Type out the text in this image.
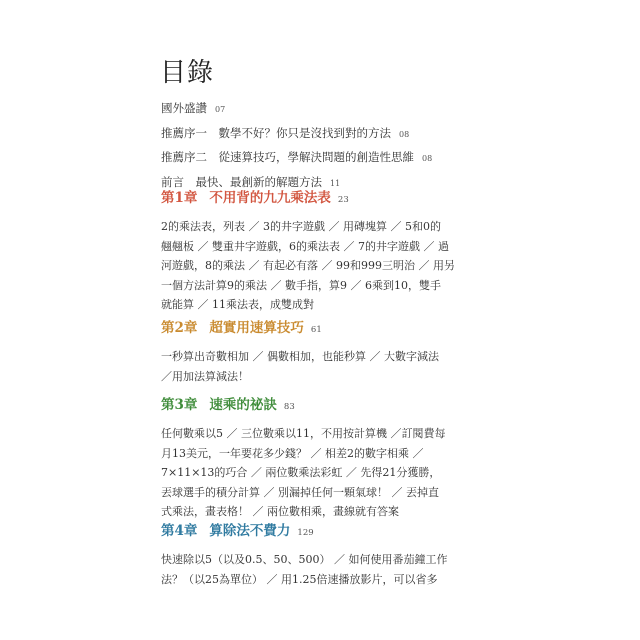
目錄
國外盛讚 07
推薦序一　數學不好？你只是沒找到對的方法 08
推薦序二　從速算技巧，學解決問題的創造性思維 08
前言　最快、最創新的解題方法 11
第1章 不用背的九九乘法表 23
2的乘法表，列表 ／ 3的井字遊戲 ／ 用磚塊算 ／ 5和0的
翹翹板 ／ 雙重井字遊戲，6的乘法表 ／ 7的井字遊戲 ／ 過
河遊戲，8的乘法 ／ 有起必有落 ／ 99和999三明治 ／ 用另
一個方法計算9的乘法 ／ 數手指，算9 ／ 6乘到10，雙手
就能算 ／ 11乘法表，成雙成對
第2章 超實用速算技巧 61
一秒算出奇數相加 ／ 偶數相加，也能秒算 ／ 大數字減法
／用加法算減法！
第3章 速乘的祕訣 83
任何數乘以5 ／ 三位數乘以11，不用按計算機 ／訂閱費每
月13美元，一年要花多少錢？ ／ 相差2的數字相乘 ／
7×11×13的巧合 ／ 兩位數乘法彩虹 ／ 先得21分獲勝，
丟球選手的積分計算 ／ 別漏掉任何一顆氣球！ ／ 丟掉直
式乘法，畫表格！ ／ 兩位數相乘，畫線就有答案
第4章 算除法不費力 129
快速除以5（以及0.5、50、500） ／ 如何使用番茄鐘工作
法？（以25為單位） ／ 用1.25倍速播放影片，可以省多
